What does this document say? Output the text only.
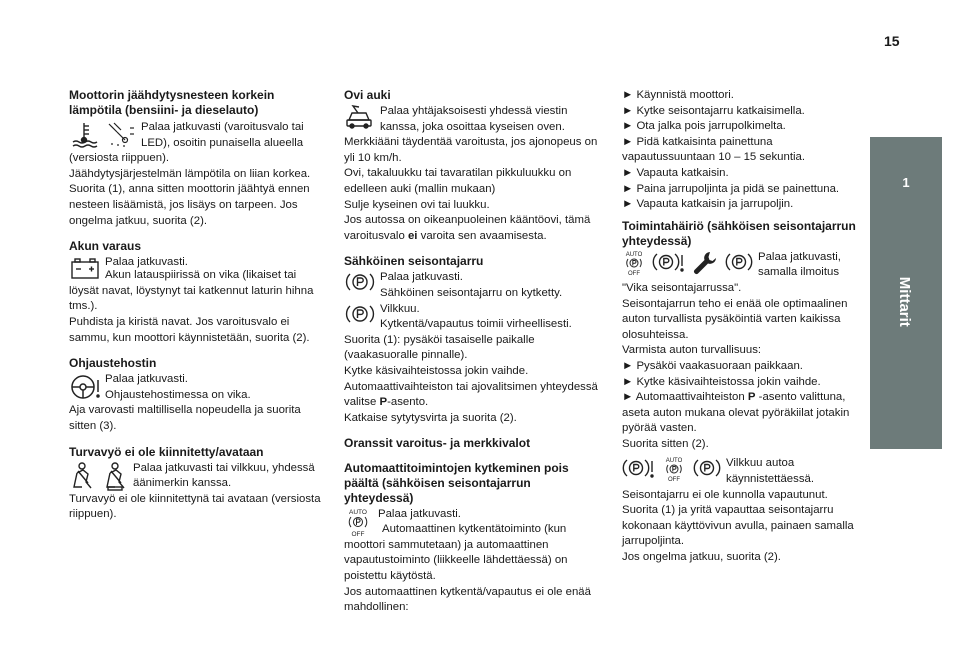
15
1
Mittarit
Moottorin jäähdytysnesteen korkein lämpötila (bensiini- ja dieselauto)

Palaa jatkuvasti (varoitusvalo tai LED), osoitin punaisella alueella

(versiosta riippuen).

Jäähdytysjärjestelmän lämpötila on liian korkea.

Suorita (1), anna sitten moottorin jäähtyä ennen nesteen lisäämistä, jos lisäys on tarpeen. Jos ongelma jatkuu, suorita (2).

Akun varaus

Palaa jatkuvasti.

Akun latauspiirissä on vika (likaiset tai löysät navat, löystynyt tai katkennut laturin hihna tms.).

Puhdista ja kiristä navat. Jos varoitusvalo ei sammu, kun moottori käynnistetään, suorita (2).

Ohjaustehostin

Palaa jatkuvasti.

Ohjaustehostimessa on vika.

Aja varovasti maltillisella nopeudella ja suorita sitten (3).

Turvavyö ei ole kiinnitetty/avataan

Palaa jatkuvasti tai vilkkuu, yhdessä äänimerkin kanssa.

Turvavyö ei ole kiinnitettynä tai avataan (versiosta riippuen).

Ovi auki

Palaa yhtäjaksoisesti yhdessä viestin kanssa, joka osoittaa kyseisen oven.

Merkkiääni täydentää varoitusta, jos ajonopeus on yli 10 km/h.

Ovi, takaluukku tai tavaratilan pikkuluukku on edelleen auki (mallin mukaan)

Sulje kyseinen ovi tai luukku.

Jos autossa on oikeanpuoleinen kääntöovi, tämä varoitusvalo ei varoita sen avaamisesta.

Sähköinen seisontajarru

Palaa jatkuvasti.

Sähköinen seisontajarru on kytketty.

Vilkkuu.

Kytkentä/vapautus toimii virheellisesti.

Suorita (1): pysäköi tasaiselle paikalle (vaakasuoralle pinnalle).

Kytke käsivaihteistossa jokin vaihde.

Automaattivaihteiston tai ajovalitsimen yhteydessä valitse P-asento.

Katkaise sytytysvirta ja suorita (2).

Oranssit varoitus- ja merkkivalot
Automaattitoimintojen kytkeminen pois päältä (sähköisen seisontajarrun yhteydessä)
AUTO
OFF

Palaa jatkuvasti.

Automaattinen kytkentätoiminto (kun moottori sammutetaan) ja automaattinen vapautustoiminto (liikkeelle lähdettäessä) on poistettu käytöstä.

Jos automaattinen kytkentä/vapautus ei ole enää mahdollinen:

► Käynnistä moottori.

► Kytke seisontajarru katkaisimella.

► Ota jalka pois jarrupolkimelta.

► Pidä katkaisinta painettuna vapautussuuntaan 10 – 15 sekuntia.

► Vapauta katkaisin.

► Paina jarrupoljinta ja pidä se painettuna.

► Vapauta katkaisin ja jarrupoljin.

Toimintahäiriö (sähköisen seisontajarrun yhteydessä)
AUTO
OFF

Palaa jatkuvasti, samalla ilmoitus

"Vika seisontajarrussa".

Seisontajarrun teho ei enää ole optimaalinen auton turvallista pysäköintiä varten kaikissa olosuhteissa.

Varmista auton turvallisuus:

► Pysäköi vaakasuoraan paikkaan.

► Kytke käsivaihteistossa jokin vaihde.

► Automaattivaihteiston P -asento valittuna, aseta auton mukana olevat pyöräkiilat jotakin pyörää vasten.

Suorita sitten (2).

AUTO
OFF

Vilkkuu autoa käynnistettäessä.

Seisontajarru ei ole kunnolla vapautunut.

Suorita (1) ja yritä vapauttaa seisontajarru kokonaan käyttövivun avulla, painaen samalla jarrupoljinta.

Jos ongelma jatkuu, suorita (2).
